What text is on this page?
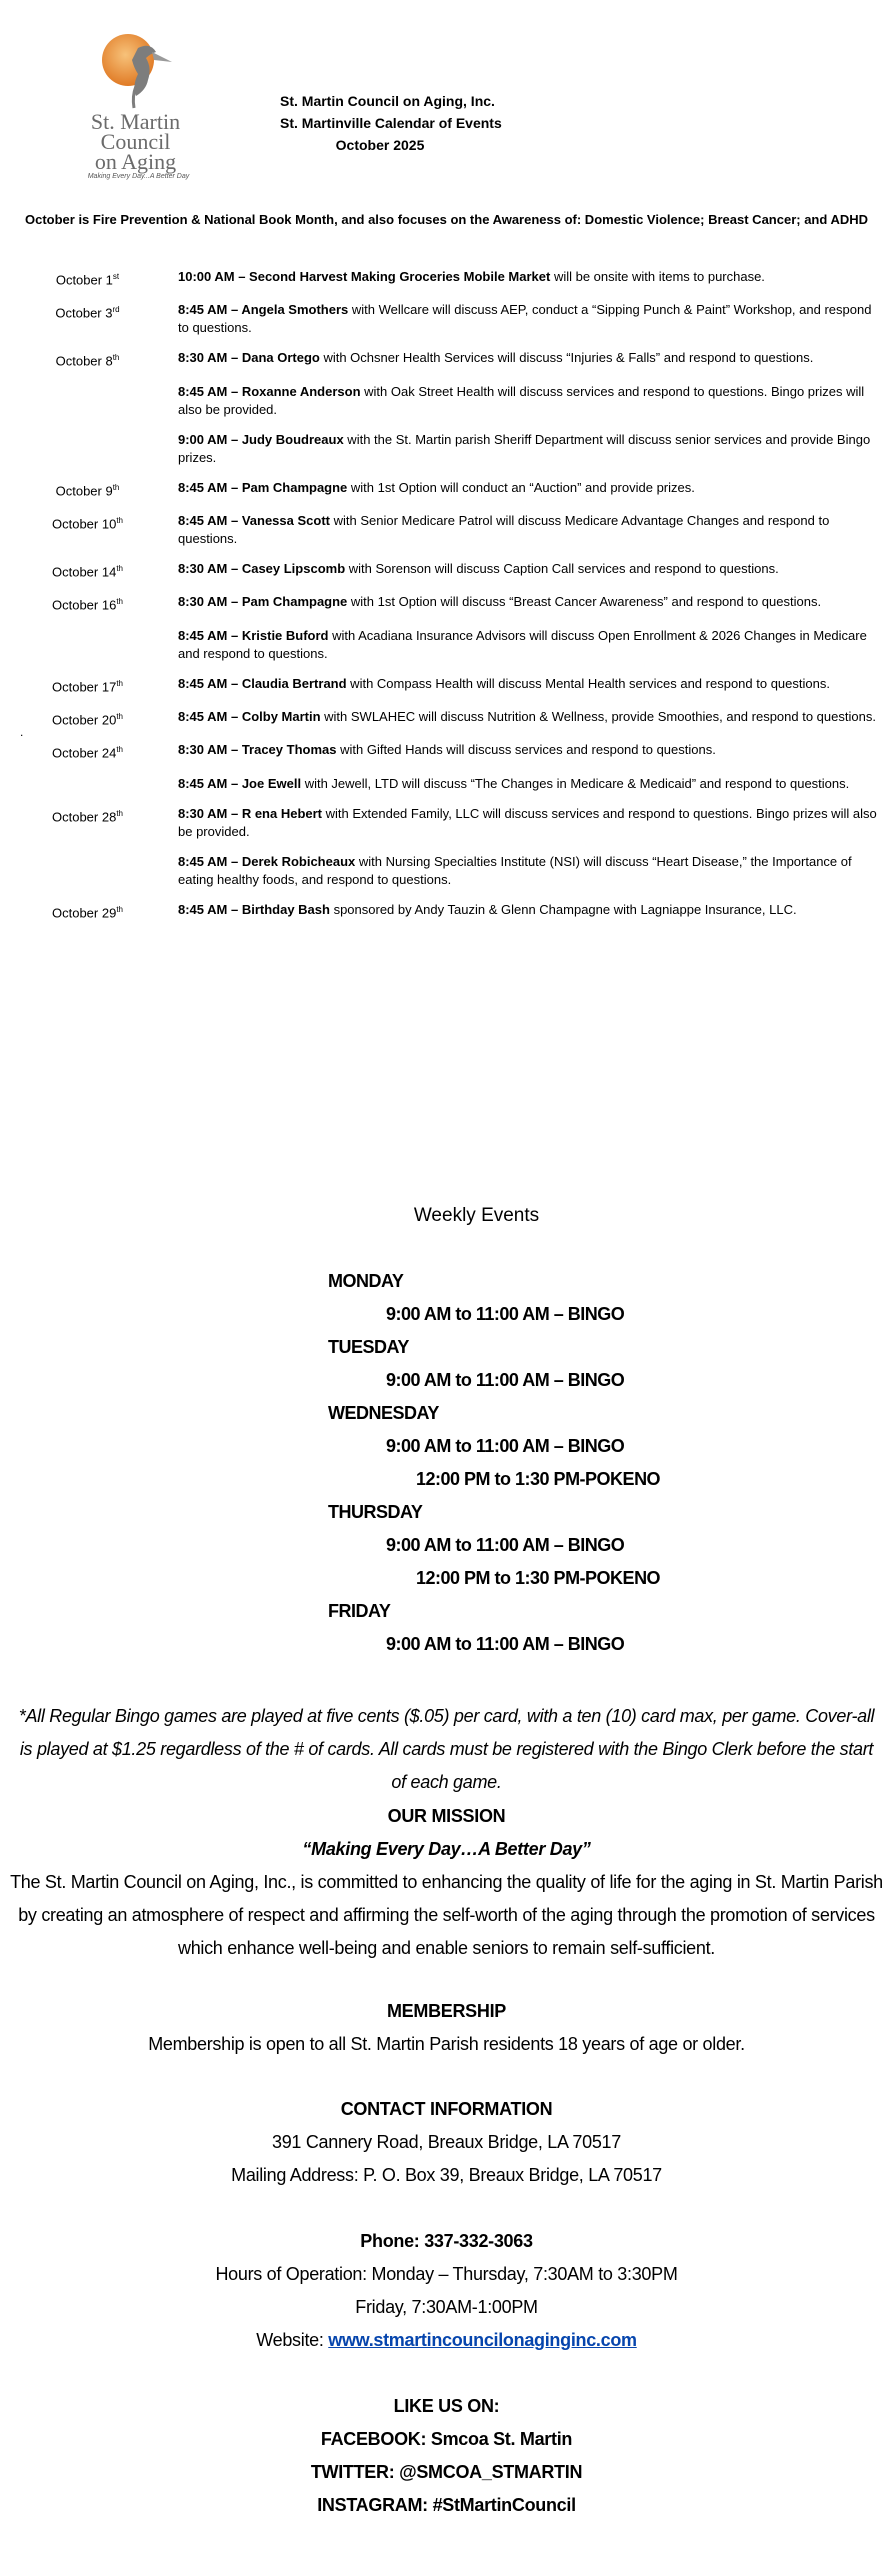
St. Martin
Council
on Aging
Making Every Day...A Better Day
St. Martin Council on Aging, Inc.
St. Martinville Calendar of Events
October 2025
October is Fire Prevention & National Book Month, and also focuses on the Awareness of: Domestic Violence; Breast Cancer; and ADHD
October 1st	10:00 AM – Second Harvest Making Groceries Mobile Market will be onsite with items to purchase.
October 3rd	8:45 AM – Angela Smothers with Wellcare will discuss AEP, conduct a “Sipping Punch & Paint” Workshop, and respond to questions.
October 8th	8:30 AM – Dana Ortego with Ochsner Health Services will discuss “Injuries & Falls” and respond to questions.
8:45 AM – Roxanne Anderson with Oak Street Health will discuss services and respond to questions. Bingo prizes will also be provided.
9:00 AM – Judy Boudreaux with the St. Martin parish Sheriff Department will discuss senior services and provide Bingo prizes.
October 9th	8:45 AM – Pam Champagne with 1st Option will conduct an “Auction” and provide prizes.
October 10th	8:45 AM – Vanessa Scott with Senior Medicare Patrol will discuss Medicare Advantage Changes and respond to questions.
October 14th	8:30 AM – Casey Lipscomb with Sorenson will discuss Caption Call services and respond to questions.
October 16th	8:30 AM – Pam Champagne with 1st Option will discuss “Breast Cancer Awareness” and respond to questions.
8:45 AM – Kristie Buford with Acadiana Insurance Advisors will discuss Open Enrollment & 2026 Changes in Medicare and respond to questions.
October 17th	8:45 AM – Claudia Bertrand with Compass Health will discuss Mental Health services and respond to questions.
October 20th	8:45 AM – Colby Martin with SWLAHEC will discuss Nutrition & Wellness, provide Smoothies, and respond to questions.
October 24th	8:30 AM – Tracey Thomas with Gifted Hands will discuss services and respond to questions.
8:45 AM – Joe Ewell with Jewell, LTD will discuss “The Changes in Medicare & Medicaid” and respond to questions.
October 28th	8:30 AM – R ena Hebert with Extended Family, LLC will discuss services and respond to questions. Bingo prizes will also be provided.
8:45 AM – Derek Robicheaux with Nursing Specialties Institute (NSI) will discuss “Heart Disease,” the Importance of eating healthy foods, and respond to questions.
October 29th	8:45 AM – Birthday Bash sponsored by Andy Tauzin & Glenn Champagne with Lagniappe Insurance, LLC.
.
Weekly Events
MONDAY
9:00 AM to 11:00 AM – BINGO
TUESDAY
9:00 AM to 11:00 AM – BINGO
WEDNESDAY
9:00 AM to 11:00 AM – BINGO
12:00 PM to 1:30 PM-POKENO
THURSDAY
9:00 AM to 11:00 AM – BINGO
12:00 PM to 1:30 PM-POKENO
FRIDAY
9:00 AM to 11:00 AM – BINGO
*All Regular Bingo games are played at five cents ($.05) per card, with a ten (10) card max, per game. Cover-all is played at $1.25 regardless of the # of cards. All cards must be registered with the Bingo Clerk before the start of each game.
OUR MISSION
“Making Every Day…A Better Day”
The St. Martin Council on Aging, Inc., is committed to enhancing the quality of life for the aging in St. Martin Parish by creating an atmosphere of respect and affirming the self-worth of the aging through the promotion of services which enhance well-being and enable seniors to remain self-sufficient.
MEMBERSHIP
Membership is open to all St. Martin Parish residents 18 years of age or older.
CONTACT INFORMATION
391 Cannery Road, Breaux Bridge, LA 70517
Mailing Address: P. O. Box 39, Breaux Bridge, LA 70517
Phone: 337-332-3063
Hours of Operation: Monday – Thursday, 7:30AM to 3:30PM
Friday, 7:30AM-1:00PM
Website: www.stmartincouncilonaginginc.com
LIKE US ON:
FACEBOOK: Smcoa St. Martin
TWITTER: @SMCOA_STMARTIN
INSTAGRAM: #StMartinCouncil
